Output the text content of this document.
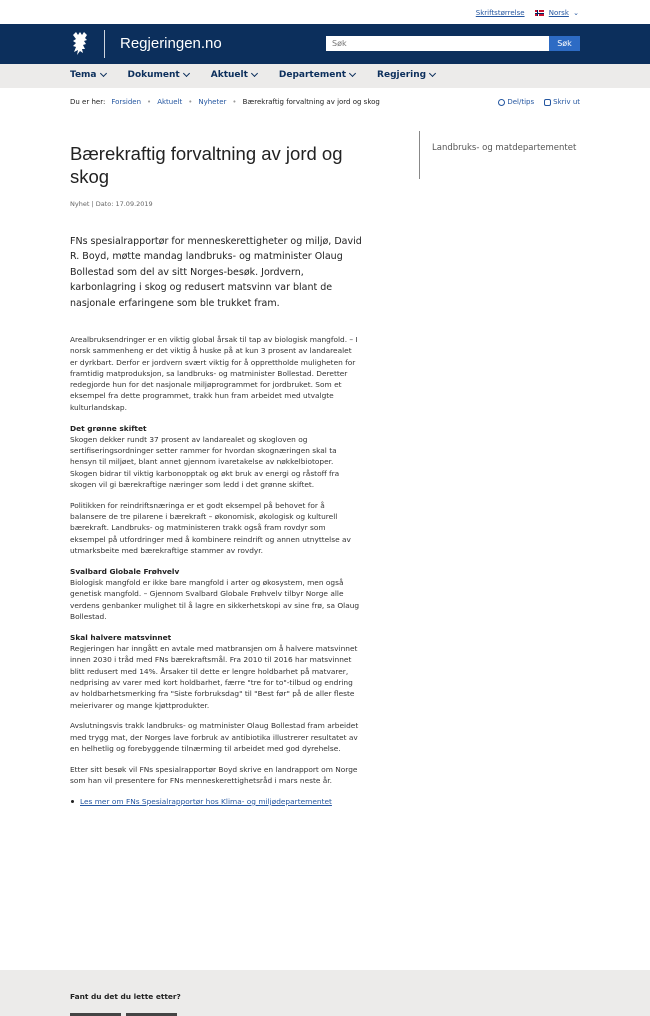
Skriftstørrelse	Norsk ⌄
Regjeringen.no
Søk	Søk
Tema	Dokument	Aktuelt	Departement	Regjering
Du er her: Forsiden • Aktuelt • Nyheter • Bærekraftig forvaltning av jord og skog	Del/tips	Skriv ut
Bærekraftig forvaltning av jord og skog
Nyhet | Dato: 17.09.2019
FNs spesialrapportør for menneskerettigheter og miljø, David R. Boyd, møtte mandag landbruks- og matminister Olaug Bollestad som del av sitt Norges-besøk. Jordvern, karbonlagring i skog og redusert matsvinn var blant de nasjonale erfaringene som ble trukket fram.
Landbruks- og matdepartementet

Arealbruksendringer er en viktig global årsak til tap av biologisk mangfold. – I norsk sammenheng er det viktig å huske på at kun 3 prosent av landarealet er dyrkbart. Derfor er jordvern svært viktig for å opprettholde muligheten for framtidig matproduksjon, sa landbruks- og matminister Bollestad. Deretter redegjorde hun for det nasjonale miljøprogrammet for jordbruket. Som et eksempel fra dette programmet, trakk hun fram arbeidet med utvalgte kulturlandskap.

Det grønne skiftet

Skogen dekker rundt 37 prosent av landarealet og skogloven og sertifiseringsordninger setter rammer for hvordan skognæringen skal ta hensyn til miljøet, blant annet gjennom ivaretakelse av nøkkelbiotoper. Skogen bidrar til viktig karbonopptak og økt bruk av energi og råstoff fra skogen vil gi bærekraftige næringer som ledd i det grønne skiftet.

Politikken for reindriftsnæringa er et godt eksempel på behovet for å balansere de tre pilarene i bærekraft – økonomisk, økologisk og kulturell bærekraft. Landbruks- og matministeren trakk også fram rovdyr som eksempel på utfordringer med å kombinere reindrift og annen utnyttelse av utmarksbeite med bærekraftige stammer av rovdyr.

Svalbard Globale Frøhvelv

Biologisk mangfold er ikke bare mangfold i arter og økosystem, men også genetisk mangfold. – Gjennom Svalbard Globale Frøhvelv tilbyr Norge alle verdens genbanker mulighet til å lagre en sikkerhetskopi av sine frø, sa Olaug Bollestad.

Skal halvere matsvinnet

Regjeringen har inngått en avtale med matbransjen om å halvere matsvinnet innen 2030 i tråd med FNs bærekraftsmål. Fra 2010 til 2016 har matsvinnet blitt redusert med 14%. Årsaker til dette er lengre holdbarhet på matvarer, nedprising av varer med kort holdbarhet, færre "tre for to"-tilbud og endring av holdbarhetsmerking fra "Siste forbruksdag" til "Best før" på de aller fleste meierivarer og mange kjøttprodukter.

Avslutningsvis trakk landbruks- og matminister Olaug Bollestad fram arbeidet med trygg mat, der Norges lave forbruk av antibiotika illustrerer resultatet av en helhetlig og forebyggende tilnærming til arbeidet med god dyrehelse.

Etter sitt besøk vil FNs spesialrapportør Boyd skrive en landrapport om Norge som han vil presentere for FNs menneskerettighetsråd i mars neste år.

Les mer om FNs Spesialrapportør hos Klima- og miljødepartementet
Fant du det du lette etter?
